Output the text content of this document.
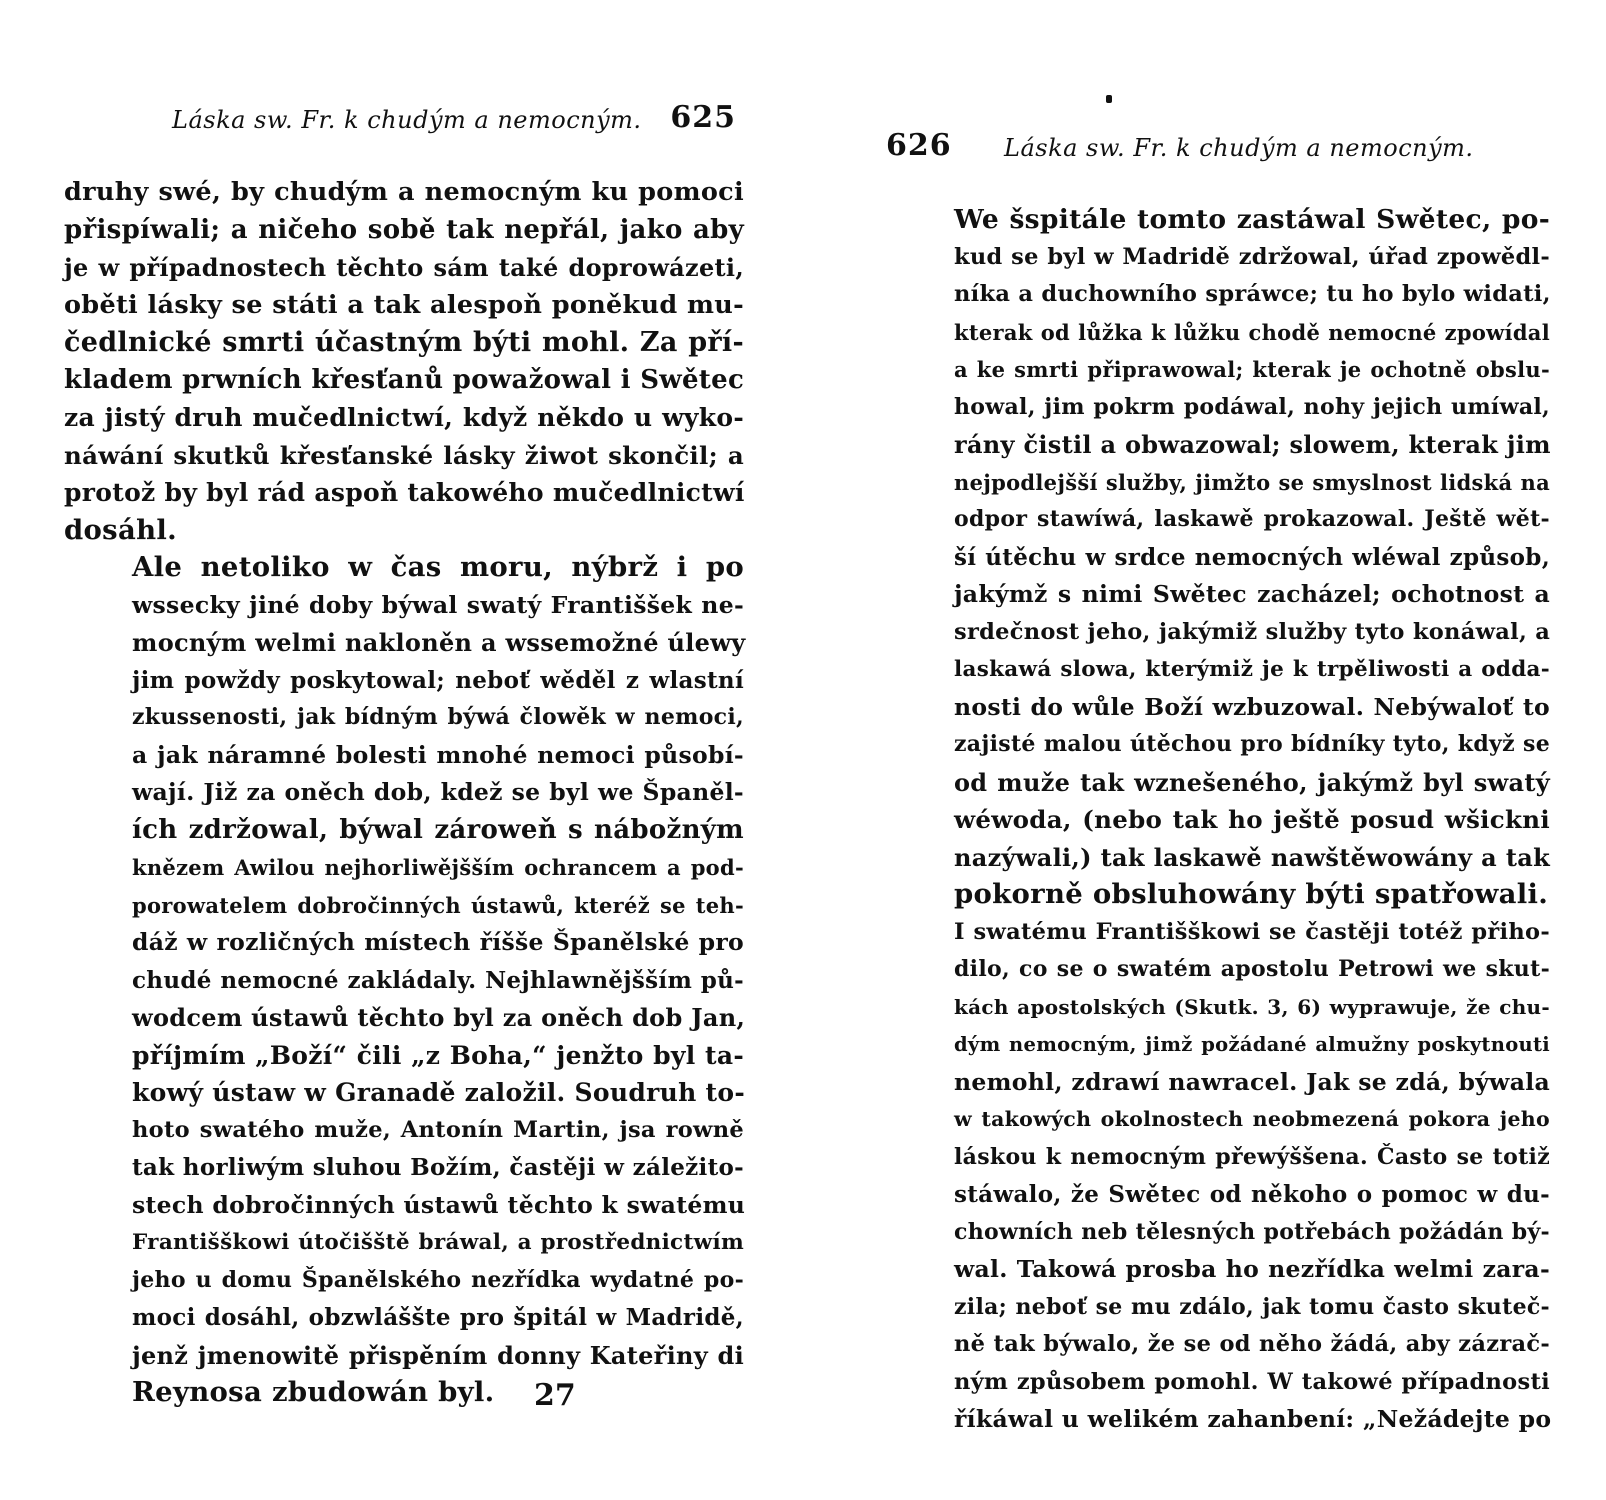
Láska sw. Fr. k chudým a nemocným. 625
druhy swé, by chudým a nemocným ku pomoci
přispíwali; a ničeho sobě tak nepřál, jako aby
je w případnostech těchto sám také doprowázeti,
oběti lásky se státi a tak alespoň poněkud mu-
čedlnické smrti účastným býti mohl. Za pří-
kladem prwních křesťanů powažowal i Swětec
za jistý druh mučedlnictwí, když někdo u wyko-
náwání skutků křesťanské lásky žiwot skončil; a
protož by byl rád aspoň takowého mučedlnictwí
dosáhl.
Ale netoliko w čas moru, nýbrž i po
wssecky jiné doby býwal swatý Františšek ne-
mocným welmi nakloněn a wssemožné úlewy
jim powždy poskytowal; neboť wěděl z wlastní
zkussenosti, jak bídným býwá člowěk w nemoci,
a jak náramné bolesti mnohé nemoci působí-
wají. Již za oněch dob, kdež se byl we Španěl-
ích zdržowal, býwal zároweň s nábožným
knězem Awilou nejhorliwějšším ochrancem a pod-
porowatelem dobročinných ústawů, kteréž se teh-
dáž w rozličných místech říšše Španělské pro
chudé nemocné zakládaly. Nejhlawnějšším pů-
wodcem ústawů těchto byl za oněch dob Jan,
příjmím „Boží“ čili „z Boha,“ jenžto byl ta-
kowý ústaw w Granadě založil. Soudruh to-
hoto swatého muže, Antonín Martin, jsa rowně
tak horliwým sluhou Božím, častěji w záležito-
stech dobročinných ústawů těchto k swatému
Františškowi útočišště bráwal, a prostřednictwím
jeho u domu Španělského nezřídka wydatné po-
moci dosáhl, obzwláššte pro špitál w Madridě,
jenž jmenowitě přispěním donny Kateřiny di
Reynosa zbudowán byl.	27
626 Láska sw. Fr. k chudým a nemocným.
We šspitále tomto zastáwal Swětec, po-
kud se byl w Madridě zdržowal, úřad zpowědl-
níka a duchowního spráwce; tu ho bylo widati,
kterak od lůžka k lůžku chodě nemocné zpowídal
a ke smrti připrawowal; kterak je ochotně obslu-
howal, jim pokrm podáwal, nohy jejich umíwal,
rány čistil a obwazowal; slowem, kterak jim
nejpodlejšší služby, jimžto se smyslnost lidská na
odpor stawíwá, laskawě prokazowal. Ještě wět-
ší útěchu w srdce nemocných wléwal způsob,
jakýmž s nimi Swětec zacházel; ochotnost a
srdečnost jeho, jakýmiž služby tyto konáwal, a
laskawá slowa, kterýmiž je k trpěliwosti a odda-
nosti do wůle Boží wzbuzowal. Nebýwaloť to
zajisté malou útěchou pro bídníky tyto, když se
od muže tak wznešeného, jakýmž byl swatý
wéwoda, (nebo tak ho ještě posud wšicknі
nazýwali,) tak laskawě nawštěwowány a tak
pokorně obsluhowány býti spatřowali.
I swatému Františškowi se častěji totéž přiho-
dilo, co se o swatém apostolu Petrowi we skut-
kách apostolských (Skutk. 3, 6) wyprawuje, že chu-
dým nemocným, jimž požádané almužny poskytnouti
nemohl, zdrawí nawracel. Jak se zdá, býwala
w takowých okolnostech neobmezená pokora jeho
láskou k nemocným přewýššena. Často se totiž
stáwalo, že Swětec od někoho o pomoc w du-
chowních neb tělesných potřebách požádán bý-
wal. Takowá prosba ho nezřídka welmi zara-
zila; neboť se mu zdálo, jak tomu často skuteč-
ně tak býwalo, že se od něho žádá, aby zázrač-
ným způsobem pomohl. W takowé případnosti
říkáwal u welikém zahanbení: „Nežádejte po
